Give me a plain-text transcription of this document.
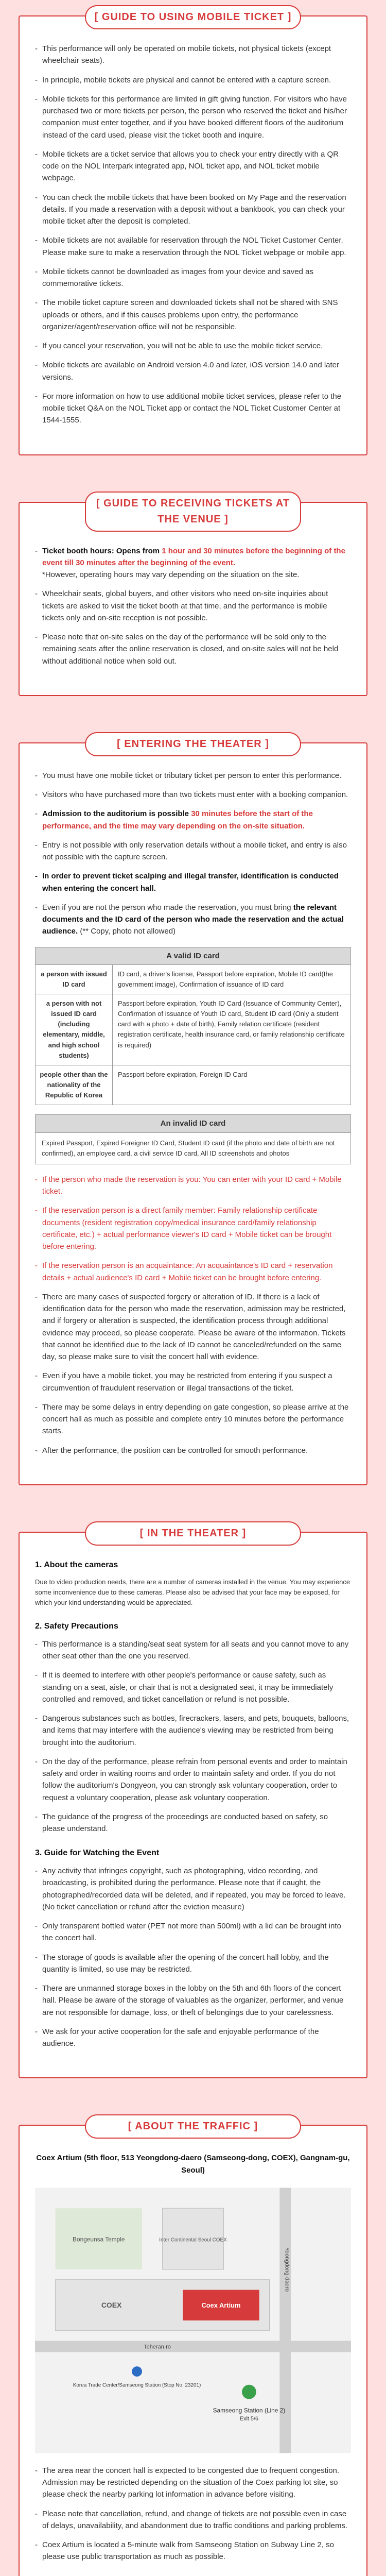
[ GUIDE TO USING MOBILE TICKET ]
- This performance will only be operated on mobile tickets, not physical tickets (except wheelchair seats).
- In principle, mobile tickets are physical and cannot be entered with a capture screen.
- Mobile tickets for this performance are limited in gift giving function. For visitors who have purchased two or more tickets per person, the person who reserved the ticket and his/her companion must enter together, and if you have booked different floors of the auditorium instead of the card used, please visit the ticket booth and inquire.
- Mobile tickets are a ticket service that allows you to check your entry directly with a QR code on the NOL Interpark integrated app, NOL ticket app, and NOL ticket mobile webpage.
- You can check the mobile tickets that have been booked on My Page and the reservation details. If you made a reservation with a deposit without a bankbook, you can check your mobile ticket after the deposit is completed.
- Mobile tickets are not available for reservation through the NOL Ticket Customer Center. Please make sure to make a reservation through the NOL Ticket webpage or mobile app.
- Mobile tickets cannot be downloaded as images from your device and saved as commemorative tickets.
- The mobile ticket capture screen and downloaded tickets shall not be shared with SNS uploads or others, and if this causes problems upon entry, the performance organizer/agent/reservation office will not be responsible.
- If you cancel your reservation, you will not be able to use the mobile ticket service.
- Mobile tickets are available on Android version 4.0 and later, iOS version 14.0 and later versions.
- For more information on how to use additional mobile ticket services, please refer to the mobile ticket Q&A on the NOL Ticket app or contact the NOL Ticket Customer Center at 1544-1555.
[ GUIDE TO RECEIVING TICKETS AT THE VENUE ]
- Ticket booth hours: Opens from 1 hour and 30 minutes before the beginning of the event till 30 minutes after the beginning of the event.
*However, operating hours may vary depending on the situation on the site.
- Wheelchair seats, global buyers, and other visitors who need on-site inquiries about tickets are asked to visit the ticket booth at that time, and the performance is mobile tickets only and on-site reception is not possible.
- Please note that on-site sales on the day of the performance will be sold only to the remaining seats after the online reservation is closed, and on-site sales will not be held without additional notice when sold out.
[ ENTERING THE THEATER ]
- You must have one mobile ticket or tributary ticket per person to enter this performance.
- Visitors who have purchased more than two tickets must enter with a booking companion.
- Admission to the auditorium is possible 30 minutes before the start of the performance, and the time may vary depending on the on-site situation.
- Entry is not possible with only reservation details without a mobile ticket, and entry is also not possible with the capture screen.
- In order to prevent ticket scalping and illegal transfer, identification is conducted when entering the concert hall.
- Even if you are not the person who made the reservation, you must bring the relevant documents and the ID card of the person who made the reservation and the actual audience. (** Copy, photo not allowed)
A valid ID card
a person with issued ID card
ID card, a driver's license, Passport before expiration, Mobile ID card(the government image), Confirmation of issuance of ID card
a person with not issued ID card (including elementary, middle, and high school students)
Passport before expiration, Youth ID Card (Issuance of Community Center), Confirmation of issuance of Youth ID card, Student ID card (Only a student card with a photo + date of birth), Family relation certificate (resident registration certificate, health insurance card, or family relationship certificate is required)
people other than the nationality of the Republic of Korea
Passport before expiration, Foreign ID Card
An invalid ID card
Expired Passport, Expired Foreigner ID Card, Student ID card (if the photo and date of birth are not confirmed), an employee card, a civil service ID card, All ID screenshots and photos
- If the person who made the reservation is you: You can enter with your ID card + Mobile ticket.
- If the reservation person is a direct family member: Family relationship certificate documents (resident registration copy/medical insurance card/family relationship certificate, etc.) + actual performance viewer's ID card + Mobile ticket can be brought before entering.
- If the reservation person is an acquaintance: An acquaintance's ID card + reservation details + actual audience's ID card + Mobile ticket can be brought before entering.
- There are many cases of suspected forgery or alteration of ID. If there is a lack of identification data for the person who made the reservation, admission may be restricted, and if forgery or alteration is suspected, the identification process through additional evidence may proceed, so please cooperate. Please be aware of the information. Tickets that cannot be identified due to the lack of ID cannot be canceled/refunded on the same day, so please make sure to visit the concert hall with evidence.
- Even if you have a mobile ticket, you may be restricted from entering if you suspect a circumvention of fraudulent reservation or illegal transactions of the ticket.
- There may be some delays in entry depending on gate congestion, so please arrive at the concert hall as much as possible and complete entry 10 minutes before the performance starts.
- After the performance, the position can be controlled for smooth performance.
[ IN THE THEATER ]
1. About the cameras

Due to video production needs, there are a number of cameras installed in the venue. You may experience some inconvenience due to these cameras. Please also be advised that your face may be exposed, for which your kind understanding would be appreciated.

2. Safety Precautions
- This performance is a standing/seat seat system for all seats and you cannot move to any other seat other than the one you reserved.
- If it is deemed to interfere with other people's performance or cause safety, such as standing on a seat, aisle, or chair that is not a designated seat, it may be immediately controlled and removed, and ticket cancellation or refund is not possible.
- Dangerous substances such as bottles, firecrackers, lasers, and pets, bouquets, balloons, and items that may interfere with the audience's viewing may be restricted from being brought into the auditorium.
- On the day of the performance, please refrain from personal events and order to maintain safety and order in waiting rooms and order to maintain safety and order. If you do not follow the auditorium's Dongyeon, you can strongly ask voluntary cooperation, order to request a voluntary cooperation, please ask voluntary cooperation.
- The guidance of the progress of the proceedings are conducted based on safety, so please understand.
3. Guide for Watching the Event
- Any activity that infringes copyright, such as photographing, video recording, and broadcasting, is prohibited during the performance. Please note that if caught, the photographed/recorded data will be deleted, and if repeated, you may be forced to leave. (No ticket cancellation or refund after the eviction measure)
- Only transparent bottled water (PET not more than 500ml) with a lid can be brought into the concert hall.
- The storage of goods is available after the opening of the concert hall lobby, and the quantity is limited, so use may be restricted.
- There are unmanned storage boxes in the lobby on the 5th and 6th floors of the concert hall. Please be aware of the storage of valuables as the organizer, performer, and venue are not responsible for damage, loss, or theft of belongings due to your carelessness.
- We ask for your active cooperation for the safe and enjoyable performance of the audience.
[ ABOUT THE TRAFFIC ]
Coex Artium (5th floor, 513 Yeongdong-daero (Samseong-dong, COEX), Gangnam-gu, Seoul)
Bongeunsa Temple	Inter Continental Seoul COEX
COEX	Coex Artium
Samseong Station (Line 2)
Exit 5/6
Korea Trade Center/Samseong Station (Stop No. 23201)
Teheran-ro
Yeongdong-daero
- The area near the concert hall is expected to be congested due to frequent congestion. Admission may be restricted depending on the situation of the Coex parking lot site, so please check the nearby parking lot information in advance before visiting.
- Please note that cancellation, refund, and change of tickets are not possible even in case of delays, unavailability, and abandonment due to traffic conditions and parking problems.
- Coex Artium is located a 5-minute walk from Samseong Station on Subway Line 2, so please use public transportation as much as possible.
